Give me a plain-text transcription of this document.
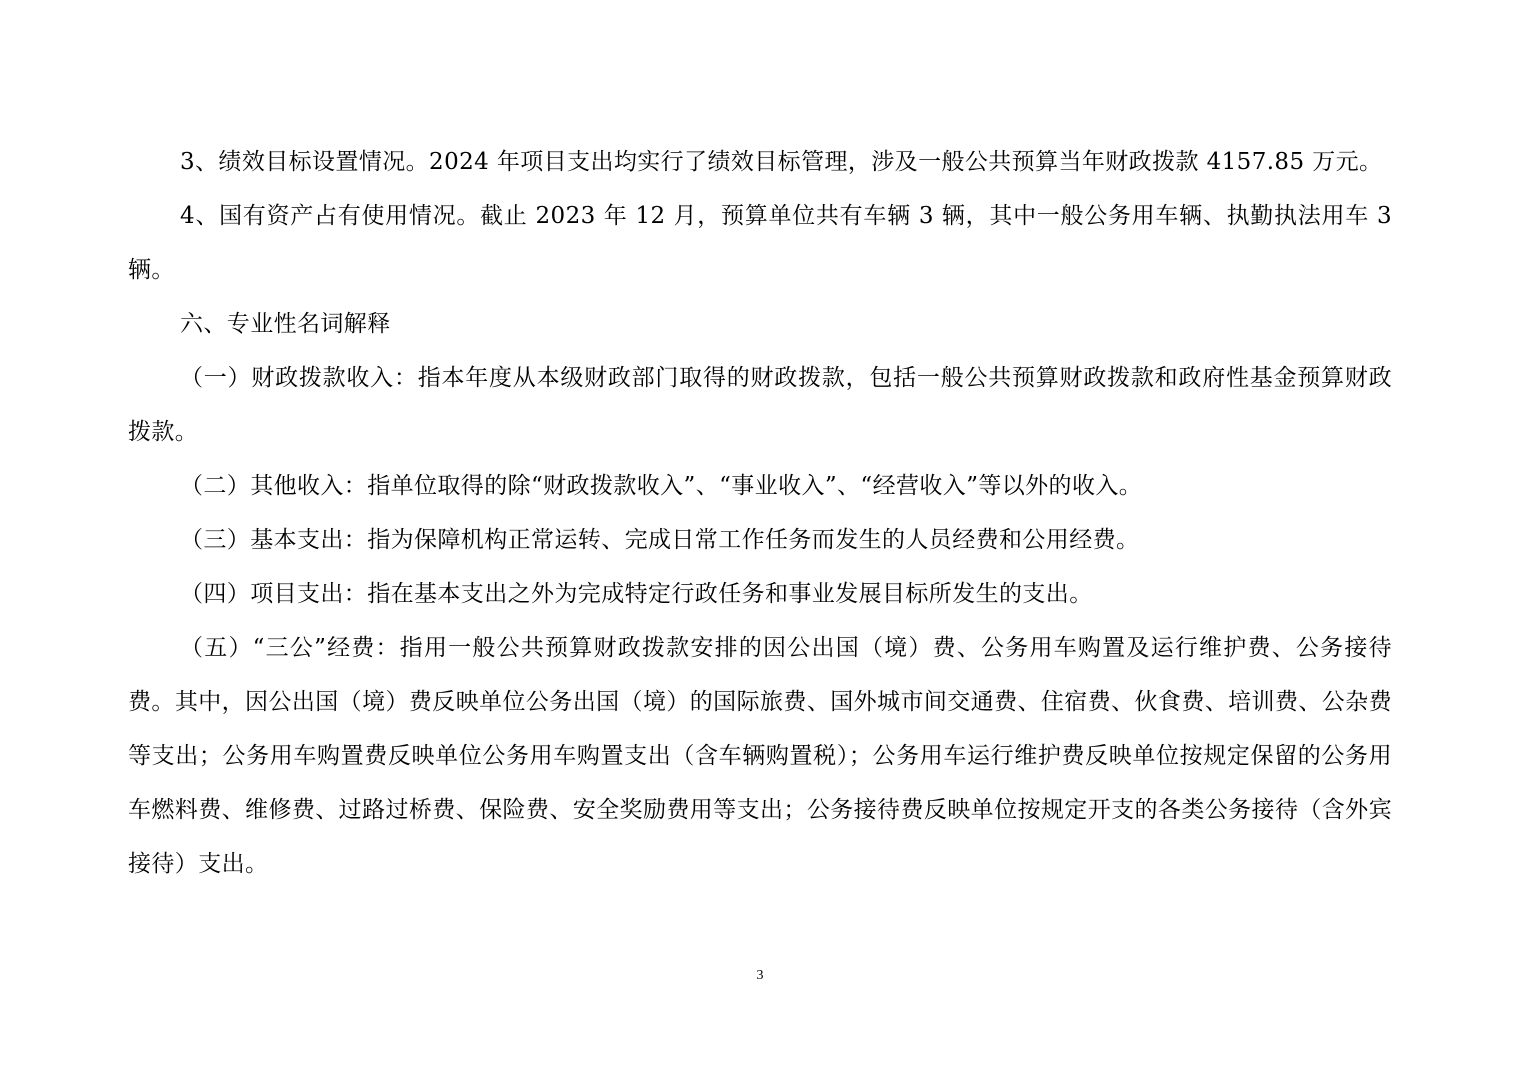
3、绩效目标设置情况。2024 年项目支出均实行了绩效目标管理，涉及一般公共预算当年财政拨款 4157.85 万元。

4、国有资产占有使用情况。截止 2023 年 12 月，预算单位共有车辆 3 辆，其中一般公务用车辆、执勤执法用车 3 辆。

六、专业性名词解释

（一）财政拨款收入：指本年度从本级财政部门取得的财政拨款，包括一般公共预算财政拨款和政府性基金预算财政拨款。

（二）其他收入：指单位取得的除“财政拨款收入”、“事业收入”、“经营收入”等以外的收入。

（三）基本支出：指为保障机构正常运转、完成日常工作任务而发生的人员经费和公用经费。

（四）项目支出：指在基本支出之外为完成特定行政任务和事业发展目标所发生的支出。

（五）“三公”经费：指用一般公共预算财政拨款安排的因公出国（境）费、公务用车购置及运行维护费、公务接待费。其中，因公出国（境）费反映单位公务出国（境）的国际旅费、国外城市间交通费、住宿费、伙食费、培训费、公杂费等支出；公务用车购置费反映单位公务用车购置支出（含车辆购置税）；公务用车运行维护费反映单位按规定保留的公务用车燃料费、维修费、过路过桥费、保险费、安全奖励费用等支出；公务接待费反映单位按规定开支的各类公务接待（含外宾接待）支出。

3
